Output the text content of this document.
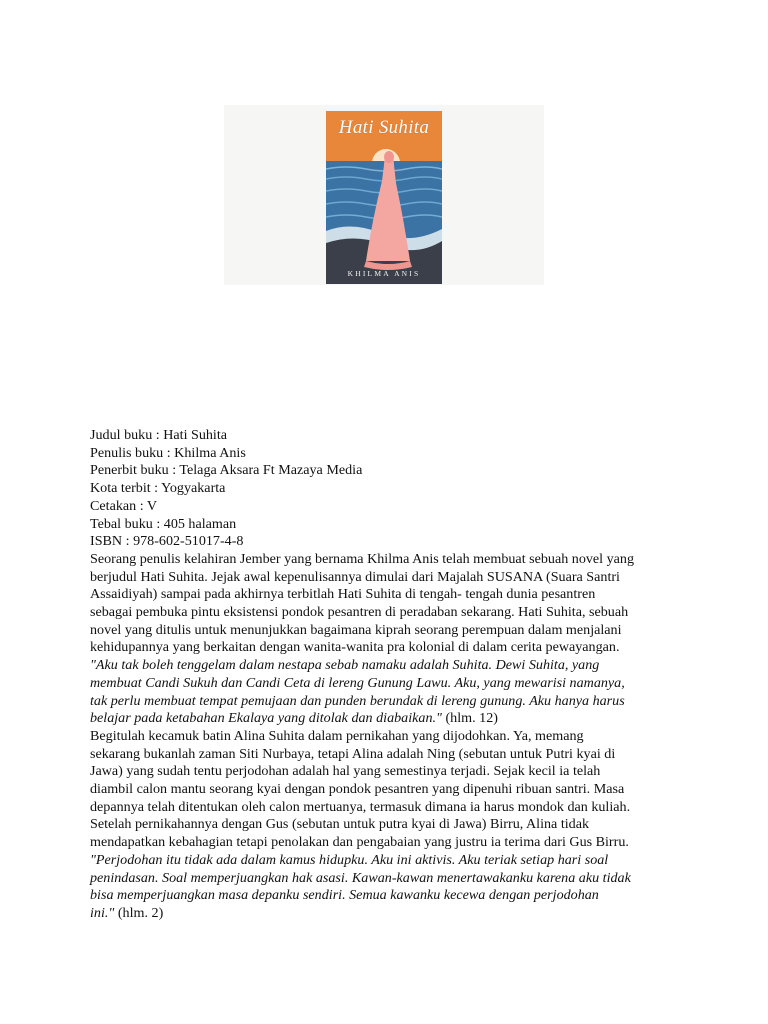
Hati Suhita
KHILMA ANIS
Judul buku : Hati Suhita
Penulis buku : Khilma Anis
Penerbit buku : Telaga Aksara Ft Mazaya Media
Kota terbit : Yogyakarta
Cetakan : V
Tebal buku : 405 halaman
ISBN : 978-602-51017-4-8
Seorang penulis kelahiran Jember yang bernama Khilma Anis telah membuat sebuah novel yang
berjudul Hati Suhita. Jejak awal kepenulisannya dimulai dari Majalah SUSANA (Suara Santri
Assaidiyah) sampai pada akhirnya terbitlah Hati Suhita di tengah- tengah dunia pesantren
sebagai pembuka pintu eksistensi pondok pesantren di peradaban sekarang. Hati Suhita, sebuah
novel yang ditulis untuk menunjukkan bagaimana kiprah seorang perempuan dalam menjalani
kehidupannya yang berkaitan dengan wanita-wanita pra kolonial di dalam cerita pewayangan.
"Aku tak boleh tenggelam dalam nestapa sebab namaku adalah Suhita. Dewi Suhita, yang
membuat Candi Sukuh dan Candi Ceta di lereng Gunung Lawu. Aku, yang mewarisi namanya,
tak perlu membuat tempat pemujaan dan punden berundak di lereng gunung. Aku hanya harus
belajar pada ketabahan Ekalaya yang ditolak dan diabaikan." (hlm. 12)
Begitulah kecamuk batin Alina Suhita dalam pernikahan yang dijodohkan. Ya, memang
sekarang bukanlah zaman Siti Nurbaya, tetapi Alina adalah Ning (sebutan untuk Putri kyai di
Jawa) yang sudah tentu perjodohan adalah hal yang semestinya terjadi. Sejak kecil ia telah
diambil calon mantu seorang kyai dengan pondok pesantren yang dipenuhi ribuan santri. Masa
depannya telah ditentukan oleh calon mertuanya, termasuk dimana ia harus mondok dan kuliah.
Setelah pernikahannya dengan Gus (sebutan untuk putra kyai di Jawa) Birru, Alina tidak
mendapatkan kebahagian tetapi penolakan dan pengabaian yang justru ia terima dari Gus Birru.
"Perjodohan itu tidak ada dalam kamus hidupku. Aku ini aktivis. Aku teriak setiap hari soal
penindasan. Soal memperjuangkan hak asasi. Kawan-kawan menertawakanku karena aku tidak
bisa memperjuangkan masa depanku sendiri. Semua kawanku kecewa dengan perjodohan
ini." (hlm. 2)
